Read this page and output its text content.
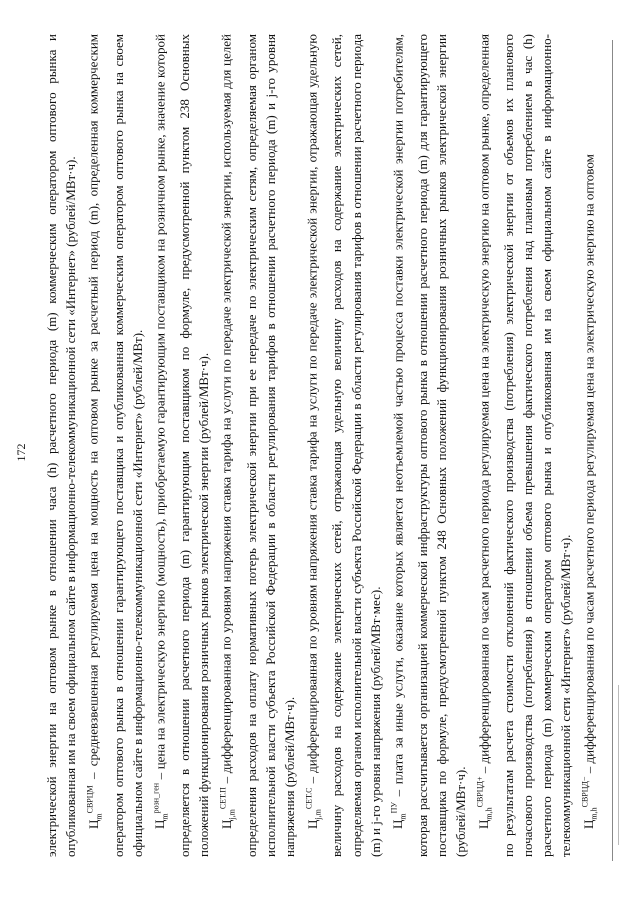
172 электрической энергии на оптовом рынке в отношении часа (h) расчетного периода (m) коммерческим оператором оптового рынка и опубликованная им на своем официальном сайте в информационно-телекоммуникационной сети «Интернет» (рублей/МВт·ч). $Ц_m^{СВРЦМ}$ – средневзвешенная регулируемая цена на мощность на оптовом рынке за расчетный период (m), определенная коммерческим оператором оптового рынка в отношении гарантирующего поставщика и опубликованная коммерческим оператором оптового рынка на своем официальном сайте в информационно-телекоммуникационной сети «Интернет» (рублей/МВт). $Ц_m^{розн\_ген}$ – цена на электрическую энергию (мощность), приобретаемую гарантирующим поставщиком на розничном рынке, значение которой определяется в отношении расчетного периода (m) гарантирующим поставщиком по формуле, предусмотренной пунктом 238 Основных положений функционирования розничных рынков электрической энергии (рублей/МВт·ч). $Ц_{j,m}^{СЕТ.П}$ – дифференцированная по уровням напряжения ставка тарифа на услуги по передаче электрической энергии, используемая для целей определения расходов на оплату нормативных потерь электрической энергии при ее передаче по электрическим сетям, определяемая органом исполнительной власти субъекта Российской Федерации в области регулирования тарифов в отношении расчетного периода (m) и j-го уровня напряжения (рублей/МВт·ч). $Ц_{j,m}^{СЕТ.С}$ – дифференцированная по уровням напряжения ставка тарифа на услуги по передаче электрической энергии, отражающая удельную величину расходов на содержание электрических сетей, отражающая удельную величину расходов на содержание электрических сетей, определяемая органом исполнительной власти субъекта Российской Федерации в области регулирования тарифов в отношении расчетного периода (m) и j-го уровня напряжения (рублей/МВт·мес). $Ц_m^{ПУ}$ – плата за иные услуги, оказание которых является неотъемлемой частью процесса поставки электрической энергии потребителям, которая рассчитывается организацией коммерческой инфраструктуры оптового рынка в отношении расчетного периода (m) для гарантирующего поставщика по формуле, предусмотренной пунктом 248 Основных положений функционирования розничных рынков электрической энергии (рублей/МВт·ч). $Ц_{m,h}^{СВРЦД+}$ – дифференцированная по часам расчетного периода регулируемая цена на электрическую энергию на оптовом рынке, определенная по результатам расчета стоимости отклонений фактического производства (потребления) электрической энергии от объемов их планового почасового производства (потребления) в отношении объема превышения фактического потребления над плановым потреблением в час (h) расчетного периода (m) коммерческим оператором оптового рынка и опубликованная им на своем официальном сайте в информационно-телекоммуникационной сети «Интернет» (рублей/МВт·ч). $Ц_{m,h}^{СВРЦД-}$ – дифференцированная по часам расчетного периода регулируемая цена на электрическую энергию на оптовом
